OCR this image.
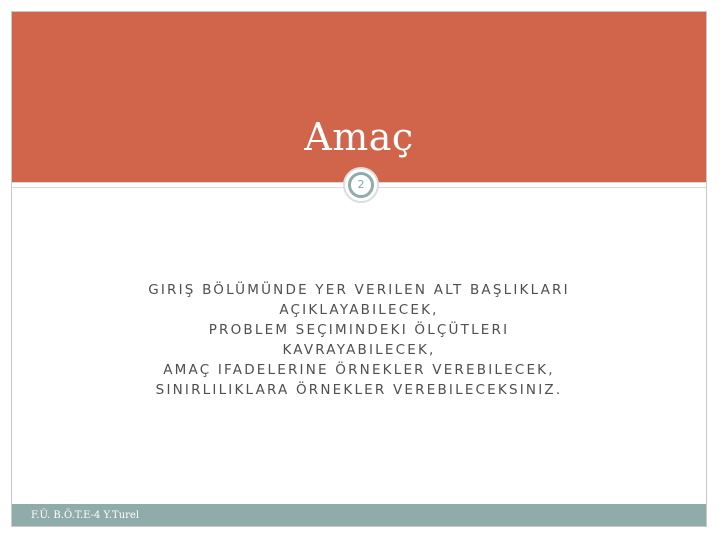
Amaç
2
GIRIŞ BÖLÜMÜNDE YER VERILEN ALT BAŞLIKLARI
AÇIKLAYABILECEK,
PROBLEM SEÇIMINDEKI ÖLÇÜTLERI
KAVRAYABILECEK,
AMAÇ IFADELERINE ÖRNEKLER VEREBILECEK,
SINIRLILIKLARA ÖRNEKLER VEREBILECEKSINIZ.
F.Ü. B.Ö.T.E-4 Y.Turel
